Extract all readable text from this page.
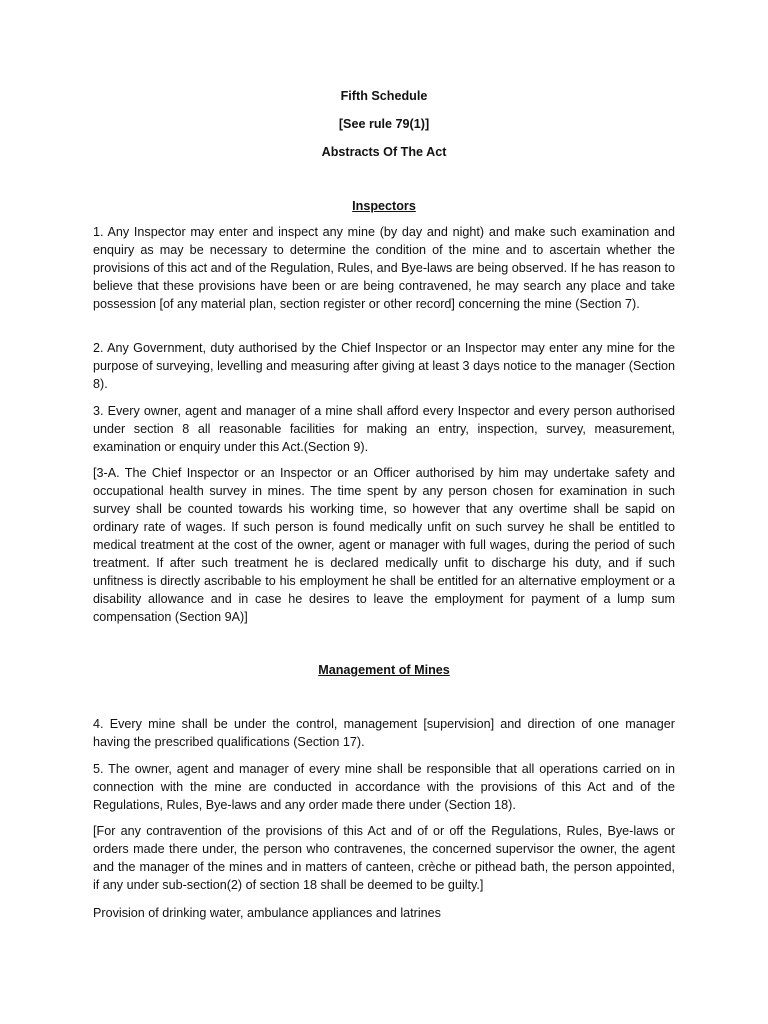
Fifth Schedule
[See rule 79(1)]
Abstracts Of The Act
Inspectors

1. Any Inspector may enter and inspect any mine (by day and night) and make such examination and enquiry as may be necessary to determine the condition of the mine and to ascertain whether the provisions of this act and of the Regulation, Rules, and Bye-laws are being observed. If he has reason to believe that these provisions have been or are being contravened, he may search any place and take possession [of any material plan, section register or other record] concerning the mine (Section 7).

2. Any Government, duty authorised by the Chief Inspector or an Inspector may enter any mine for the purpose of surveying, levelling and measuring after giving at least 3 days notice to the manager (Section 8).

3. Every owner, agent and manager of a mine shall afford every Inspector and every person authorised under section 8 all reasonable facilities for making an entry, inspection, survey, measurement, examination or enquiry under this Act.(Section 9).

[3-A. The Chief Inspector or an Inspector or an Officer authorised by him may undertake safety and occupational health survey in mines. The time spent by any person chosen for examination in such survey shall be counted towards his working time, so however that any overtime shall be sapid on ordinary rate of wages. If such person is found medically unfit on such survey he shall be entitled to medical treatment at the cost of the owner, agent or manager with full wages, during the period of such treatment. If after such treatment he is declared medically unfit to discharge his duty, and if such unfitness is directly ascribable to his employment he shall be entitled for an alternative employment or a disability allowance and in case he desires to leave the employment for payment of a lump sum compensation (Section 9A)]

Management of Mines

4. Every mine shall be under the control, management [supervision] and direction of one manager having the prescribed qualifications (Section 17).

5. The owner, agent and manager of every mine shall be responsible that all operations carried on in connection with the mine are conducted in accordance with the provisions of this Act and of the Regulations, Rules, Bye-laws and any order made there under (Section 18).

[For any contravention of the provisions of this Act and of or off the Regulations, Rules, Bye-laws or orders made there under, the person who contravenes, the concerned supervisor the owner, the agent and the manager of the mines and in matters of canteen, crèche or pithead bath, the person appointed, if any under sub-section(2) of section 18 shall be deemed to be guilty.]

Provision of drinking water, ambulance appliances and latrines
